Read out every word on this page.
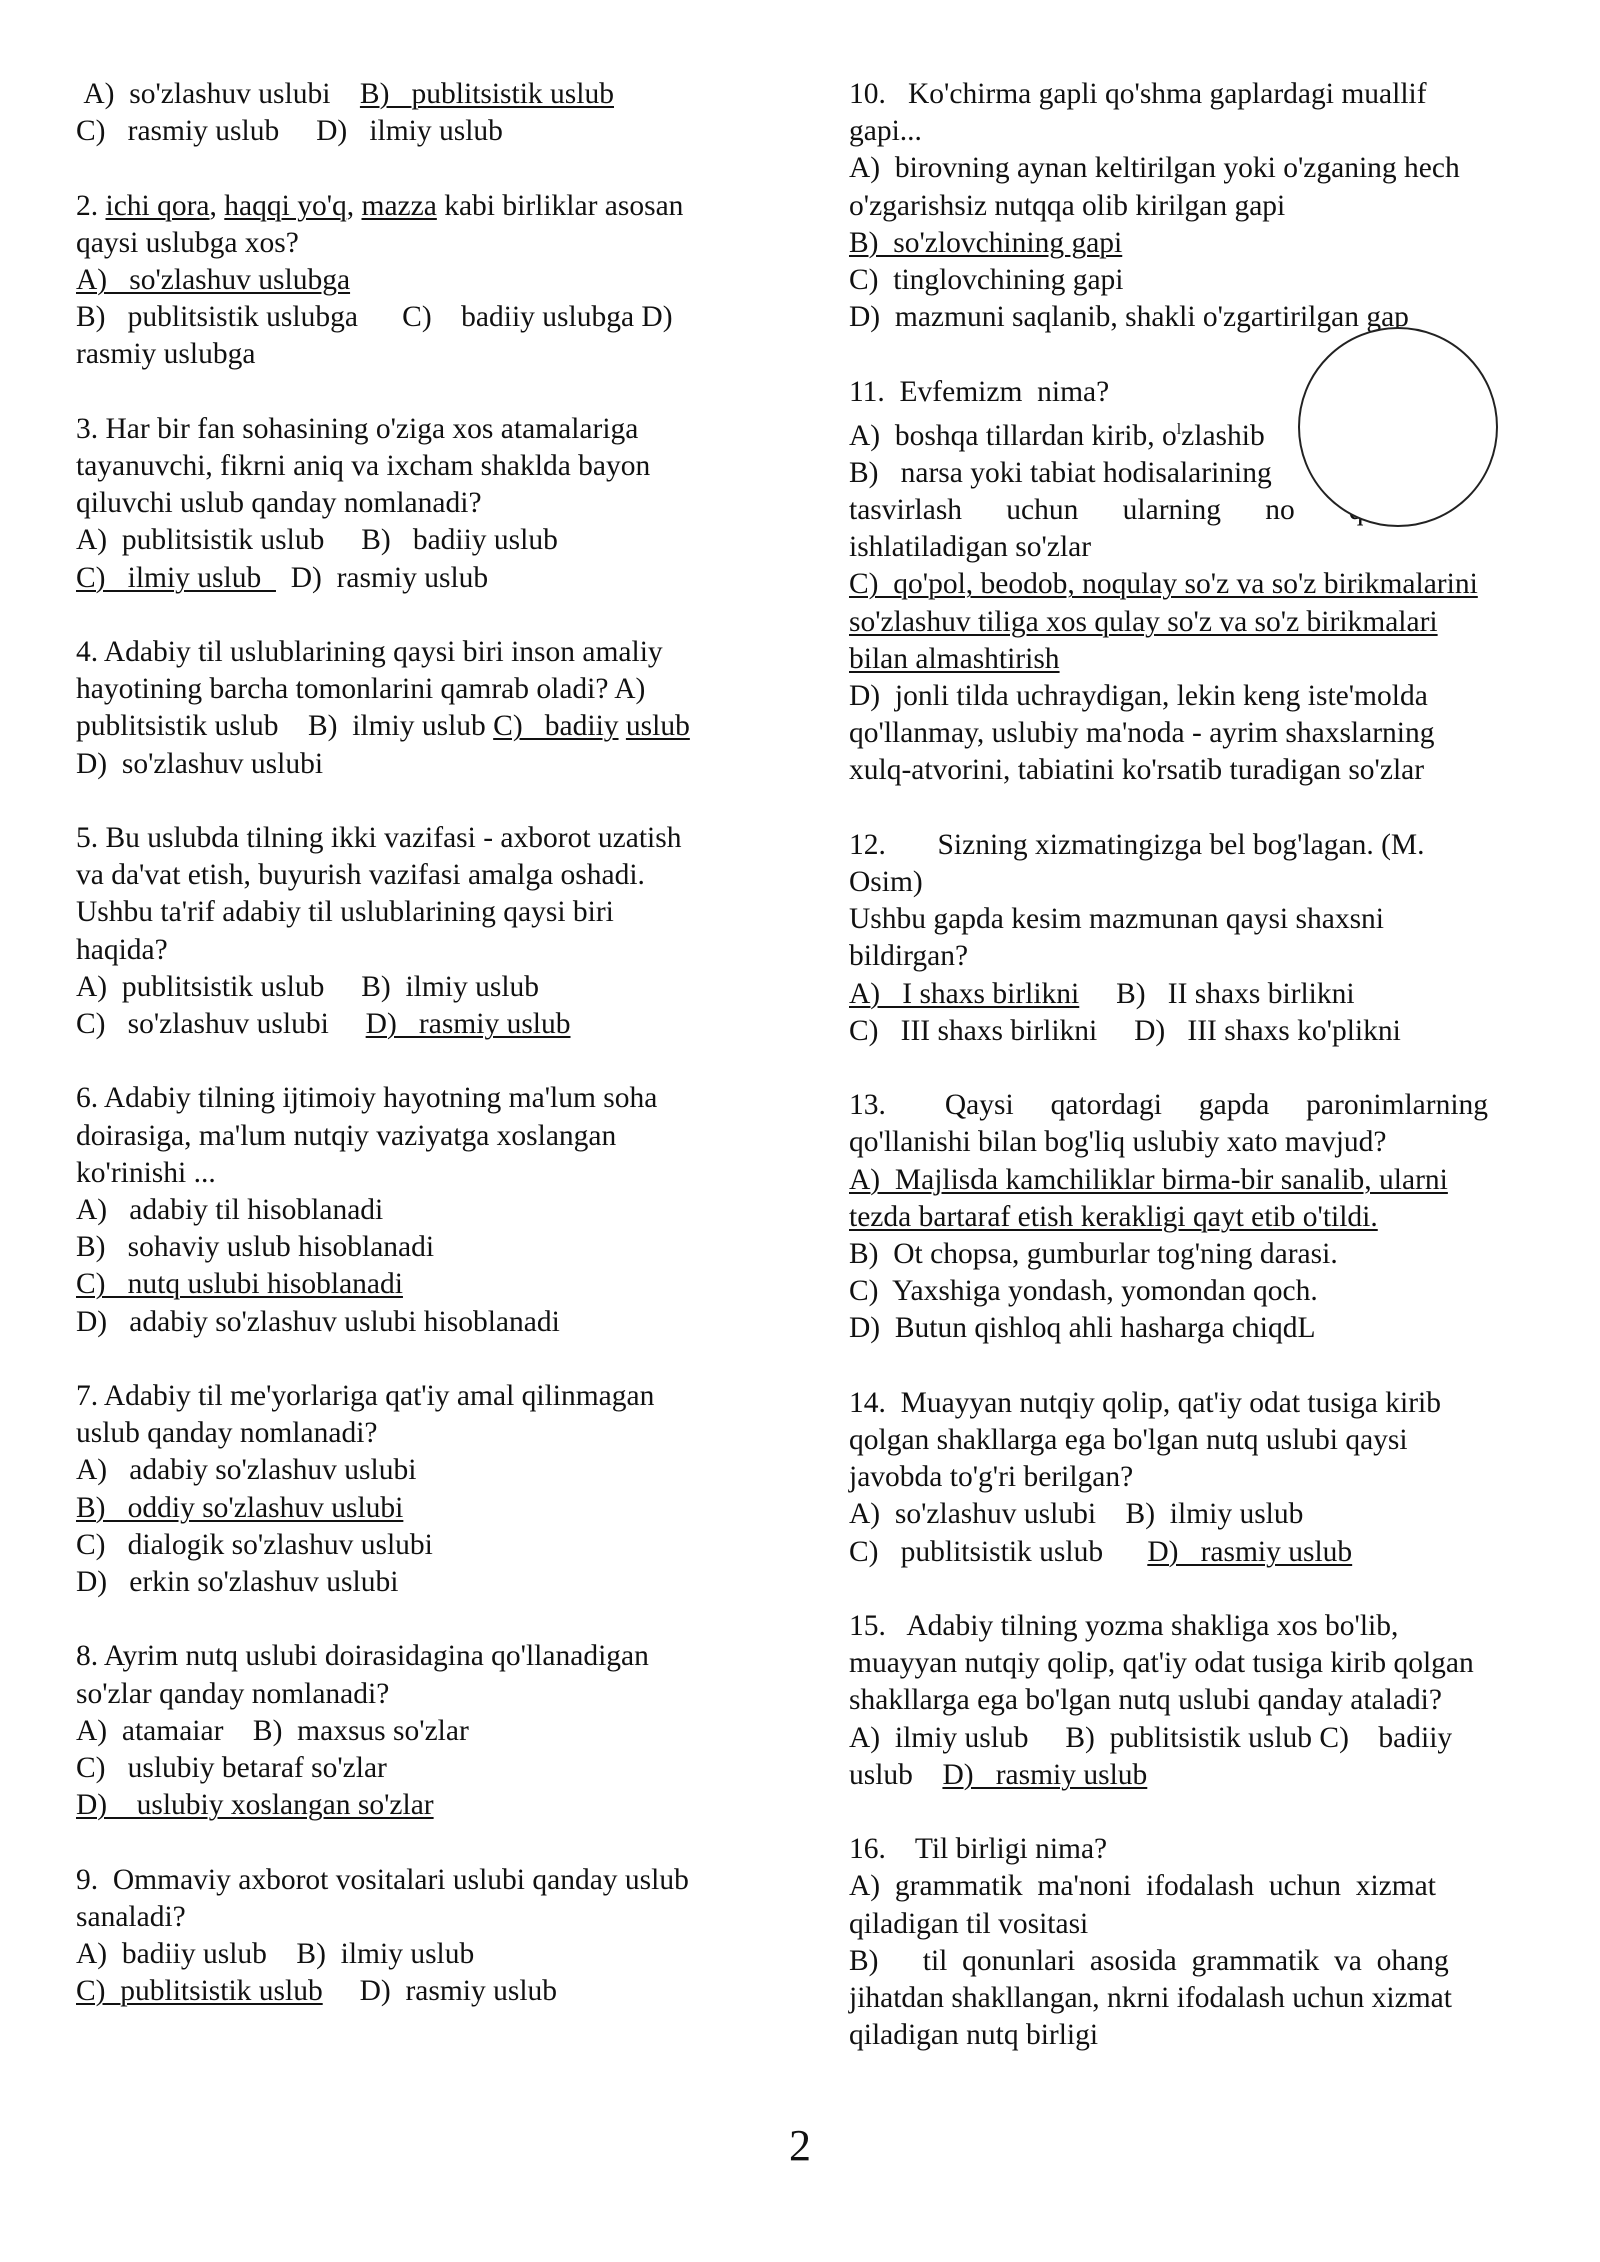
A)  so'zlashuv uslubi    B)   publitsistik uslub
C)   rasmiy uslub     D)   ilmiy uslub
2. ichi qora, haqqi yo'q, mazza kabi birliklar asosan
qaysi uslubga xos?
A)   so'zlashuv uslubga
B)   publitsistik uslubga      C)    badiiy uslubga D)
rasmiy uslubga
3. Har bir fan sohasining o'ziga xos atamalariga
tayanuvchi, fikrni aniq va ixcham shaklda bayon
qiluvchi uslub qanday nomlanadi?
A)  publitsistik uslub     B)   badiiy uslub
C)   ilmiy uslub    D)  rasmiy uslub
4. Adabiy til uslublarining qaysi biri inson amaliy
hayotining barcha tomonlarini qamrab oladi? A)
publitsistik uslub    B)  ilmiy uslub C)   badiiy uslub
D)  so'zlashuv uslubi
5. Bu uslubda tilning ikki vazifasi - axborot uzatish
va da'vat etish, buyurish vazifasi amalga oshadi.
Ushbu ta'rif adabiy til uslublarining qaysi biri
haqida?
A)  publitsistik uslub     B)  ilmiy uslub
C)   so'zlashuv uslubi     D)   rasmiy uslub
6. Adabiy tilning ijtimoiy hayotning ma'lum soha
doirasiga, ma'lum nutqiy vaziyatga xoslangan
ko'rinishi ...
A)   adabiy til hisoblanadi
B)   sohaviy uslub hisoblanadi
C)   nutq uslubi hisoblanadi
D)   adabiy so'zlashuv uslubi hisoblanadi
7. Adabiy til me'yorlariga qat'iy amal qilinmagan
uslub qanday nomlanadi?
A)   adabiy so'zlashuv uslubi
B)   oddiy so'zlashuv uslubi
C)   dialogik so'zlashuv uslubi
D)   erkin so'zlashuv uslubi
8. Ayrim nutq uslubi doirasidagina qo'llanadigan
so'zlar qanday nomlanadi?
A)  atamaiar    B)  maxsus so'zlar
C)   uslubiy betaraf so'zlar
D)    uslubiy xoslangan so'zlar
9.  Ommaviy axborot vositalari uslubi qanday uslub
sanaladi?
A)  badiiy uslub    B)  ilmiy uslub
C)  publitsistik uslub     D)  rasmiy uslub
10.   Ko'chirma gapli qo'shma gaplardagi muallif
gapi...
A)  birovning aynan keltirilgan yoki o'zganing hech
o'zgarishsiz nutqqa olib kirilgan gapi
B)  so'zlovchining gapi
C)  tinglovchining gapi
D)  mazmuni saqlanib, shakli o'zgartirilgan gap
11.  Evfemizm  nima?
A)  boshqa tillardan kirib, $o^lzlashib$
B)   narsa yoki tabiat hodisalarining
tasvirlash      uchun      ularning      no
ishlatiladigan so'zlar
C)  qo'pol, beodob, noqulay so'z va so'z birikmalarini
so'zlashuv tiliga xos qulay so'z va so'z birikmalari
bilan almashtirish
D)  jonli tilda uchraydigan, lekin keng iste'molda
qo'llanmay, uslubiy ma'noda - ayrim shaxslarning
xulq-atvorini, tabiatini ko'rsatib turadigan so'zlar
12.       Sizning xizmatingizga bel bog'lagan. (M.
Osim)
Ushbu gapda kesim mazmunan qaysi shaxsni
bildirgan?
A)   I shaxs birlikni     B)   II shaxs birlikni
C)   III shaxs birlikni     D)   III shaxs ko'plikni
13.        Qaysi     qatordagi     gapda     paronimlarning
qo'llanishi bilan bog'liq uslubiy xato mavjud?
A)  Majlisda kamchiliklar birma-bir sanalib, ularni
tezda bartaraf etish kerakligi qayt etib o'tildi.
B)  Ot chopsa, gumburlar tog'ning darasi.
C)  Yaxshiga yondash, yomondan qoch.
D)  Butun qishloq ahli hasharga chiqdL
14.  Muayyan nutqiy qolip, qat'iy odat tusiga kirib
qolgan shakllarga ega bo'lgan nutq uslubi qaysi
javobda to'g'ri berilgan?
A)  so'zlashuv uslubi    B)  ilmiy uslub
C)   publitsistik uslub      D)   rasmiy uslub
15.   Adabiy tilning yozma shakliga xos bo'lib,
muayyan nutqiy qolip, qat'iy odat tusiga kirib qolgan
shakllarga ega bo'lgan nutq uslubi qanday ataladi?
A)  ilmiy uslub     B)  publitsistik uslub C)    badiiy
uslub    D)   rasmiy uslub
16.    Til birligi nima?
A)  grammatik  ma'noni  ifodalash  uchun  xizmat
qiladigan til vositasi
B)      til  qonunlari  asosida  grammatik  va  ohang
jihatdan shakllangan, nkrni ifodalash uchun xizmat
qiladigan nutq birligi
2
